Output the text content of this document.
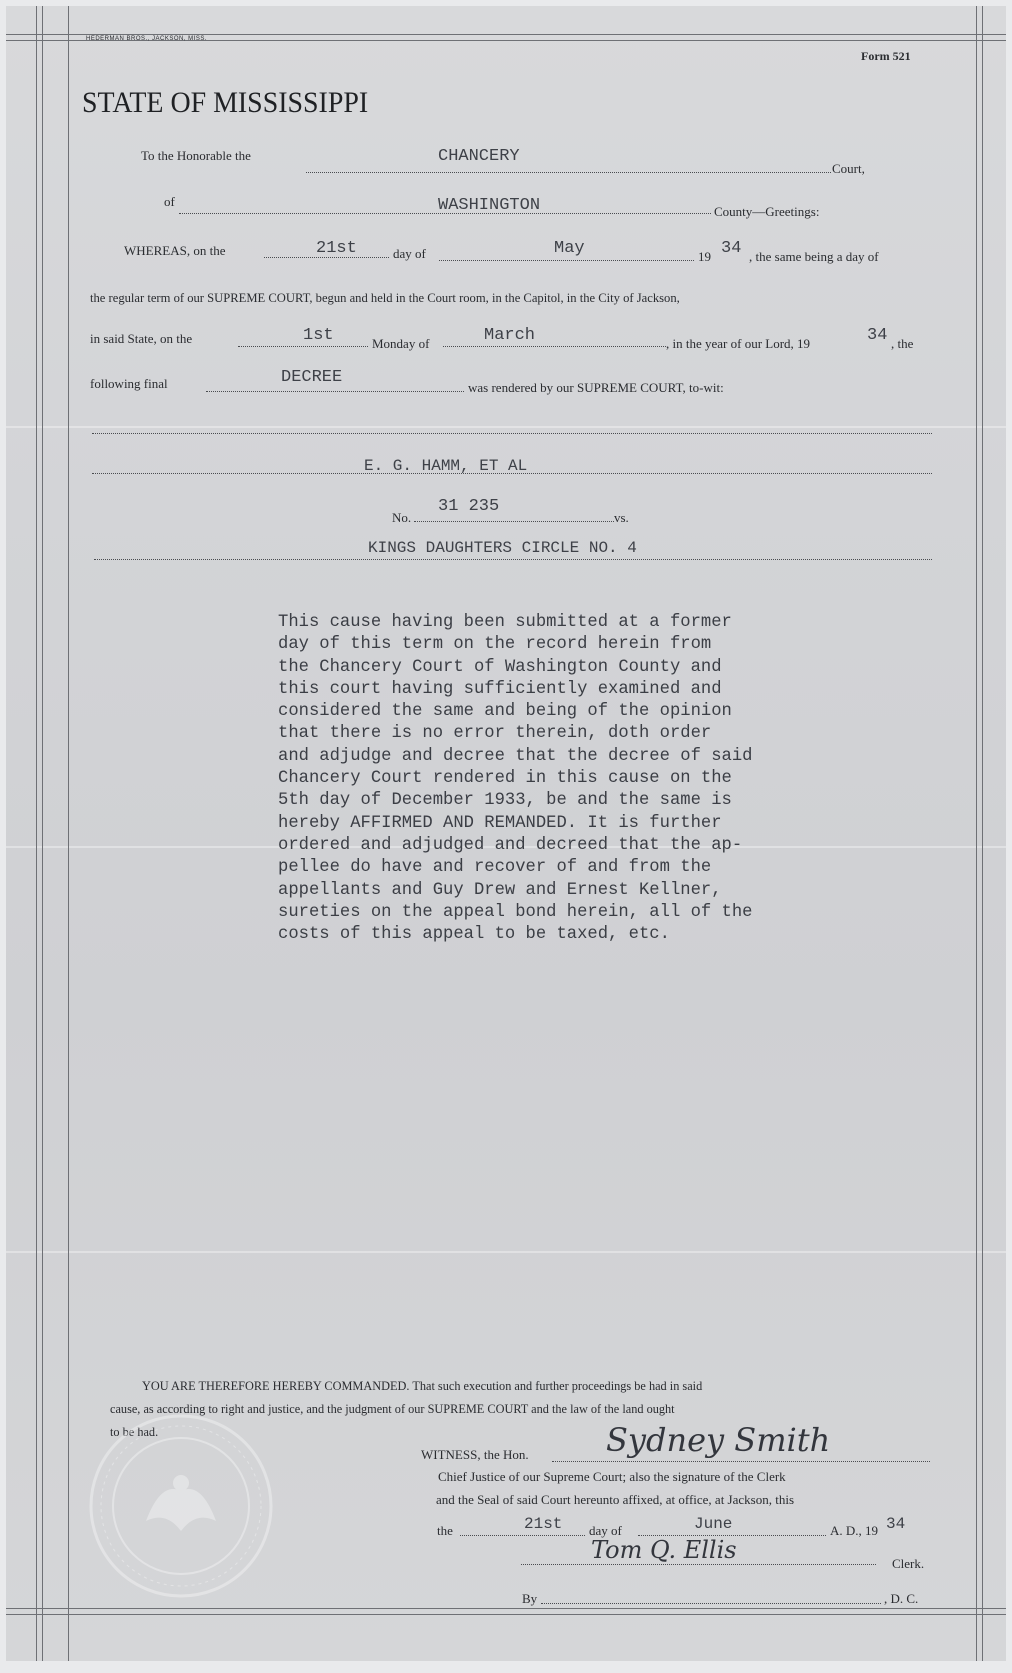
HEDERMAN BROS., JACKSON, MISS.
Form 521
STATE OF MISSISSIPPI
To the Honorable the	CHANCERY
Court,
of	WASHINGTON	County—Greetings:
WHEREAS, on the	21st	day of	May	19 34 , the same being a day of
the regular term of our SUPREME COURT, begun and held in the Court room, in the Capitol, in the City of Jackson,
in said State, on the	1st	Monday of	March	, in the year of our Lord, 19	34 , the
following final	DECREE
was rendered by our SUPREME COURT, to-wit:
E. G. HAMM, ET AL
No.
31 235
vs.
KINGS DAUGHTERS CIRCLE NO. 4
This cause having been submitted at a former
day of this term on the record herein from
the Chancery Court of Washington County and
this court having sufficiently examined and
considered the same and being of the opinion
that there is no error therein, doth order
and adjudge and decree that the decree of said
Chancery Court rendered in this cause on the
5th day of December 1933, be and the same is
hereby AFFIRMED AND REMANDED. It is further
ordered and adjudged and decreed that the ap-
pellee do have and recover of and from the
appellants and Guy Drew and Ernest Kellner,
sureties on the appeal bond herein, all of the
costs of this appeal to be taxed, etc.
YOU ARE THEREFORE HEREBY COMMANDED. That such execution and further proceedings be had in said
cause, as according to right and justice, and the judgment of our SUPREME COURT and the law of the land ought
to be had.
WITNESS, the Hon. Sydney Smith
Chief Justice of our Supreme Court; also the signature of the Clerk
and the Seal of said Court hereunto affixed, at office, at Jackson, this
the	21st day of	June	A. D., 19 34
Tom Q. Ellis	Clerk.
By	, D. C.
